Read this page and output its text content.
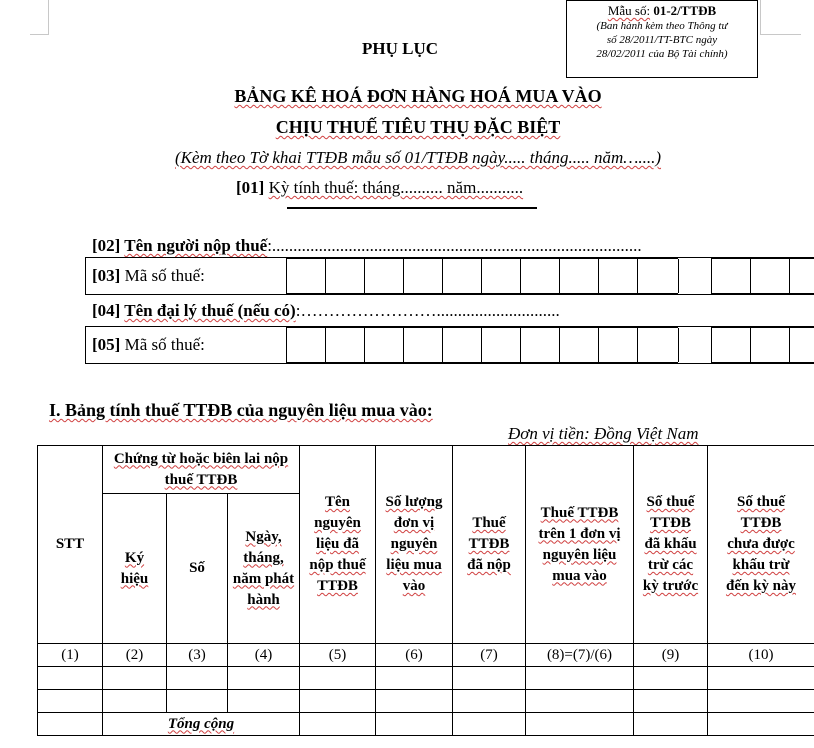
Mẫu số: 01-2/TTĐB
(Ban hành kèm theo Thông tư
số 28/2011/TT-BTC ngày
28/02/2011 của Bộ Tài chính)
PHỤ LỤC
BẢNG KÊ HOÁ ĐƠN HÀNG HOÁ MUA VÀO
CHỊU THUẾ TIÊU THỤ ĐẶC BIỆT
(Kèm theo Tờ khai TTĐB mẫu số 01/TTĐB ngày..... tháng..... năm…....)
[01] Kỳ tính thuế: tháng.......... năm...........
[02] Tên người nộp thuế:.......................................................................................
[03] Mã số thuế:
[04] Tên đại lý thuế (nếu có):…………………….............................
[05] Mã số thuế:
I. Bảng tính thuế TTĐB của nguyên liệu mua vào:
Đơn vị tiền: Đồng Việt Nam
STT	Chứng từ hoặc biên lai nộp thuế TTĐB			Tên nguyên liệu đã nộp thuế TTĐB	Số lượng đơn vị nguyên liệu mua vào	Thuế TTĐB đã nộp	Thuế TTĐB trên 1 đơn vị nguyên liệu mua vào	Số thuế TTĐB đã khấu trừ các kỳ trước	Số thuế TTĐB chưa được khấu trừ đến kỳ này
	Ký hiệu	Số	Ngày, tháng, năm phát hành						
(1)	(2)	(3)	(4)	(5)	(6)	(7)	(8)=(7)/(6)	(9)	(10)

	Tổng cộng								
